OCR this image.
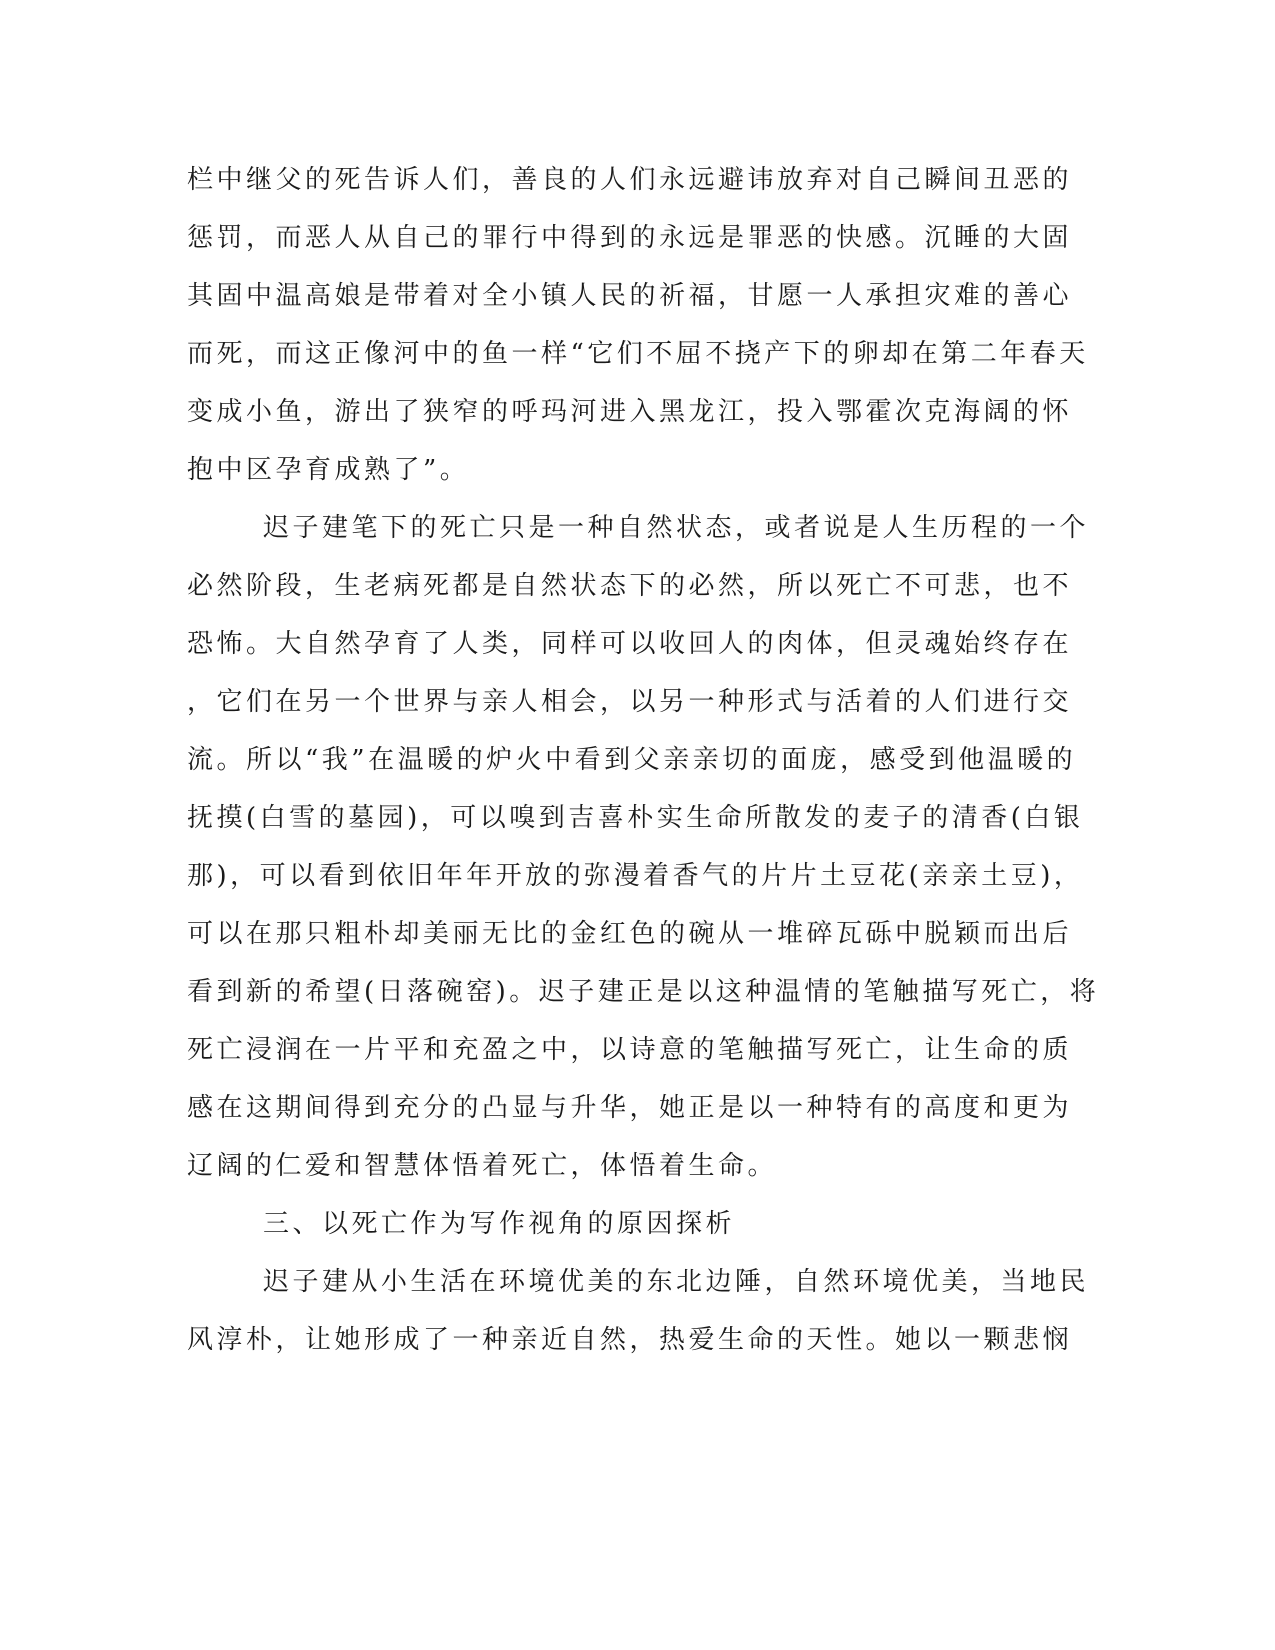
栏中继父的死告诉人们，善良的人们永远避讳放弃对自己瞬间丑恶的
惩罚，而恶人从自己的罪行中得到的永远是罪恶的快感。沉睡的大固
其固中温高娘是带着对全小镇人民的祈福，甘愿一人承担灾难的善心
而死，而这正像河中的鱼一样“它们不屈不挠产下的卵却在第二年春天
变成小鱼，游出了狭窄的呼玛河进入黑龙江，投入鄂霍次克海阔的怀
抱中区孕育成熟了”。
迟子建笔下的死亡只是一种自然状态，或者说是人生历程的一个
必然阶段，生老病死都是自然状态下的必然，所以死亡不可悲，也不
恐怖。大自然孕育了人类，同样可以收回人的肉体，但灵魂始终存在
，它们在另一个世界与亲人相会，以另一种形式与活着的人们进行交
流。所以“我”在温暖的炉火中看到父亲亲切的面庞，感受到他温暖的
抚摸(白雪的墓园)，可以嗅到吉喜朴实生命所散发的麦子的清香(白银
那)，可以看到依旧年年开放的弥漫着香气的片片土豆花(亲亲土豆)，
可以在那只粗朴却美丽无比的金红色的碗从一堆碎瓦砾中脱颖而出后
看到新的希望(日落碗窑)。迟子建正是以这种温情的笔触描写死亡，将
死亡浸润在一片平和充盈之中，以诗意的笔触描写死亡，让生命的质
感在这期间得到充分的凸显与升华，她正是以一种特有的高度和更为
辽阔的仁爱和智慧体悟着死亡，体悟着生命。
三、以死亡作为写作视角的原因探析
迟子建从小生活在环境优美的东北边陲，自然环境优美，当地民
风淳朴，让她形成了一种亲近自然，热爱生命的天性。她以一颗悲悯
